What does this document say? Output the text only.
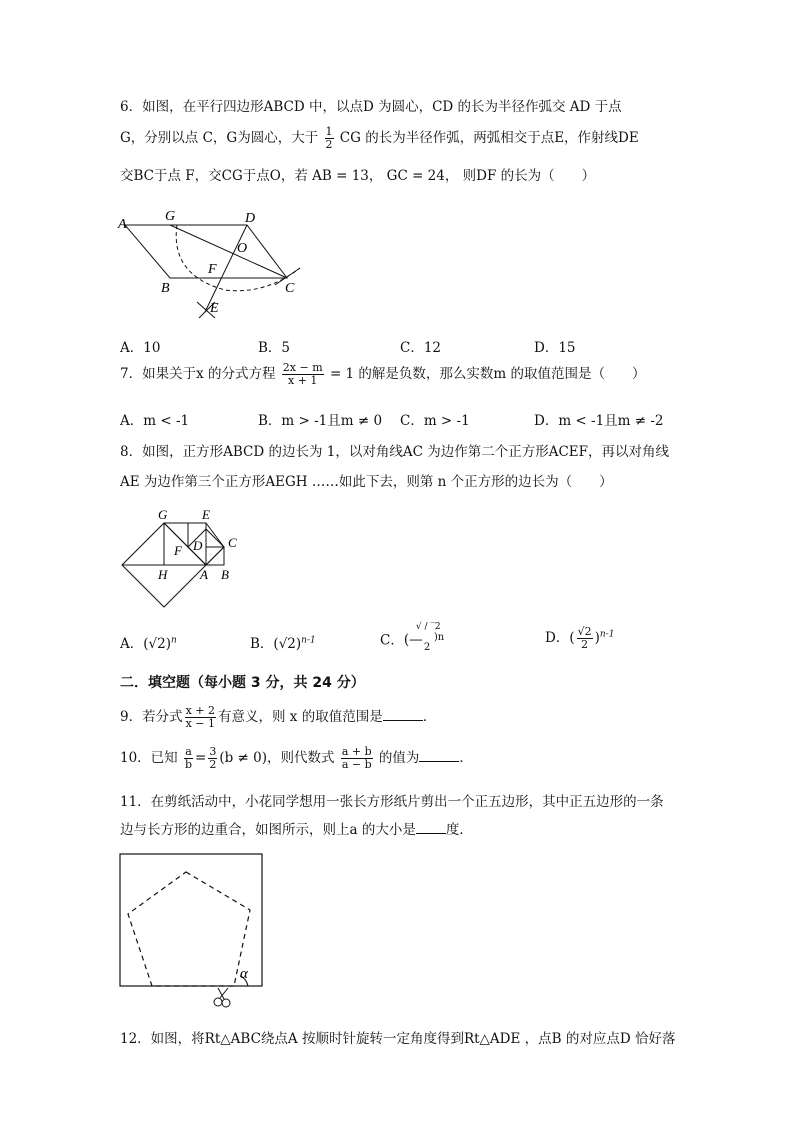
6．如图，在平行四边形ABCD 中，以点D 为圆心，CD 的长为半径作弧交 AD 于点
G，分别以点 C，G为圆心，大于 $\frac{1}{2}$ CG 的长为半径作弧，两弧相交于点E，作射线DE
交BC于点 F，交CG于点O，若 AB = 13， GC = 24， 则DF 的长为（　　）
A
G	D
O
F
B	C
E
A．10	B．5	C．12	D．15
7．如果关于x 的分式方程 $\frac{2x - m}{x + 1} = 1$ 的解是负数，那么实数m 的取值范围是（　　）
A．m < -1	B．m > -1且m ≠ 0 C．m > -1	D．m < -1且m ≠ -2
8．如图，正方形ABCD 的边长为 1，以对角线AC 为边作第二个正方形ACEF，再以对角线
AE 为边作第三个正方形AEGH ……如此下去，则第 n 个正方形的边长为（　　）
G	E
F D C
H	A B
A．$(√2)^n$	B．$(√2)^{n-1}$	C．
√ / ‾2
(— 2
)n	D．( $\frac{√2}{2} )^{n-1}$
二．填空题（每小题 3 分，共 24 分）
9．若分式 $\frac{x + 2}{x - 1}$ 有意义，则 x 的取值范围是	．
10．已知 $\frac{a}{b} = \frac{3}{2} (b \ne 0)$，则代数式 $\frac{a + b}{a - b}$ 的值为	．
11．在剪纸活动中，小花同学想用一张长方形纸片剪出一个正五边形，其中正五边形的一条
边与长方形的边重合，如图所示，则上a 的大小是 度．
α
12．如图，将Rt△ABC绕点A 按顺时针旋转一定角度得到Rt△ADE ，点B 的对应点D 恰好落
